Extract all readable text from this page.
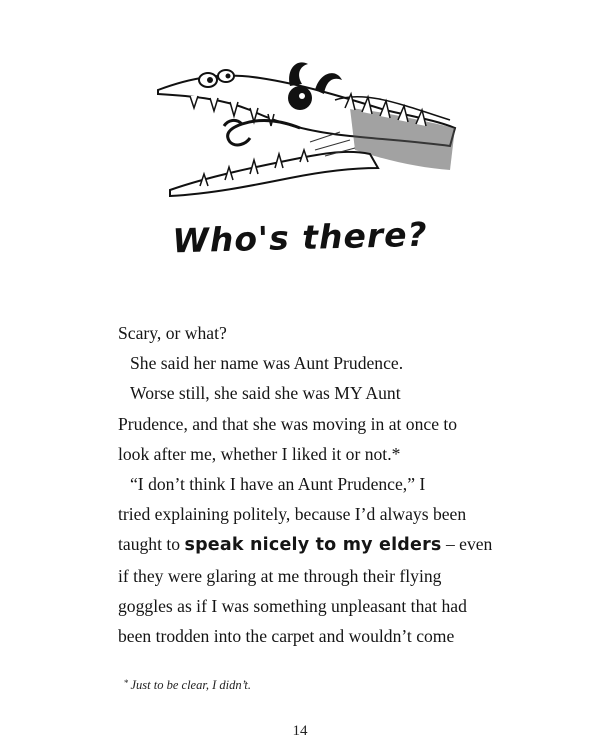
Who's there?
Scary, or what?
She said her name was Aunt Prudence.
Worse still, she said she was MY Aunt
Prudence, and that she was moving in at once to
look after me, whether I liked it or not.*
“I don’t think I have an Aunt Prudence,” I
tried explaining politely, because I’d always been
taught to speak nicely to my elders – even
if they were glaring at me through their flying
goggles as if I was something unpleasant that had
been trodden into the carpet and wouldn’t come
* Just to be clear, I didn’t.
14
